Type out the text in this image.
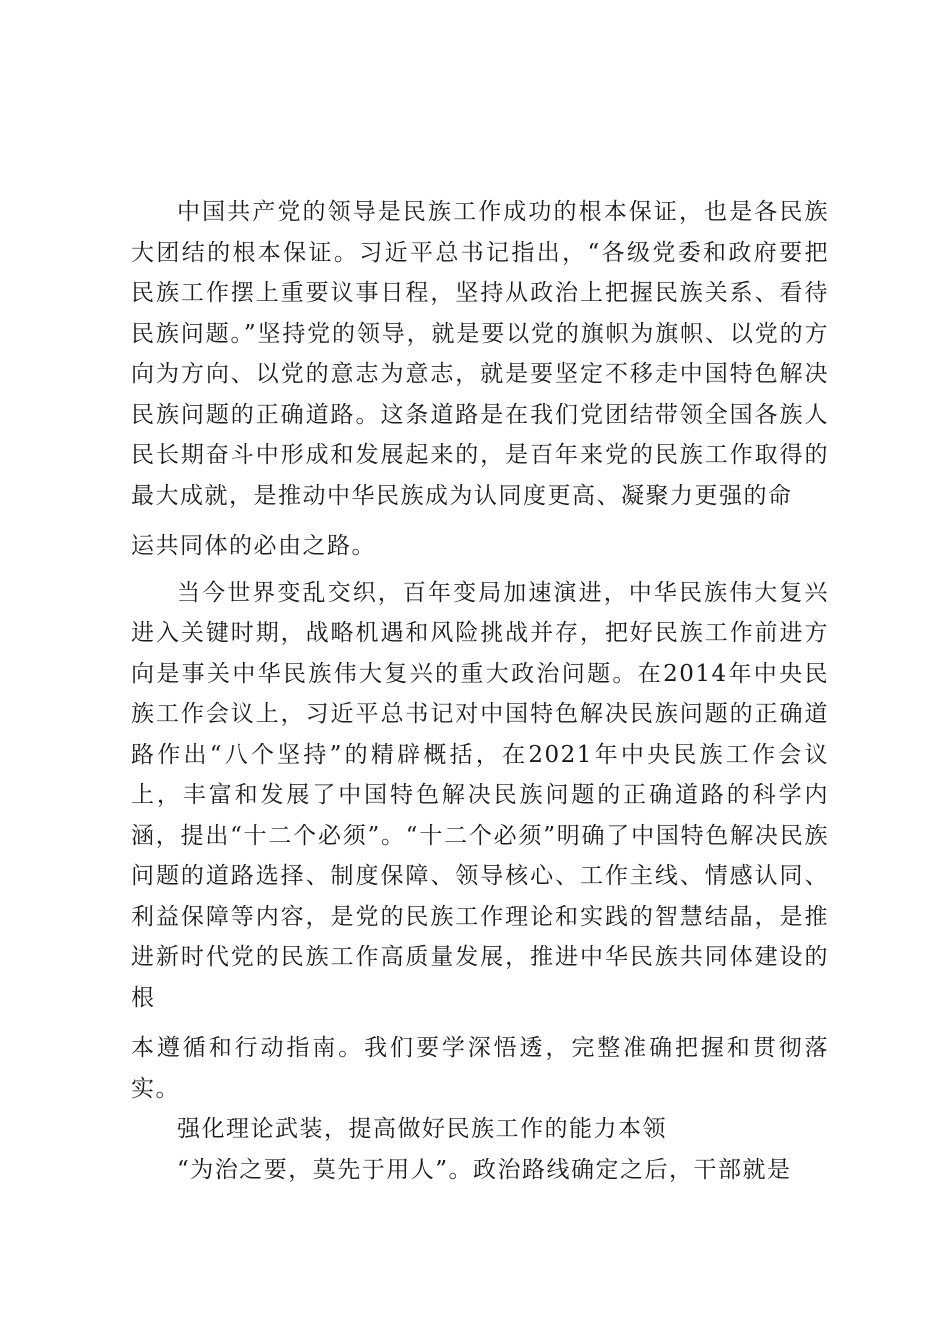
中国共产党的领导是民族工作成功的根本保证，也是各民族大团结的根本保证。习近平总书记指出，“各级党委和政府要把民族工作摆上重要议事日程，坚持从政治上把握民族关系、看待民族问题。”坚持党的领导，就是要以党的旗帜为旗帜、以党的方向为方向、以党的意志为意志，就是要坚定不移走中国特色解决民族问题的正确道路。这条道路是在我们党团结带领全国各族人民长期奋斗中形成和发展起来的，是百年来党的民族工作取得的最大成就，是推动中华民族成为认同度更高、凝聚力更强的命
运共同体的必由之路。

当今世界变乱交织，百年变局加速演进，中华民族伟大复兴进入关键时期，战略机遇和风险挑战并存，把好民族工作前进方向是事关中华民族伟大复兴的重大政治问题。在2014年中央民族工作会议上，习近平总书记对中国特色解决民族问题的正确道路作出“八个坚持”的精辟概括，在2021年中央民族工作会议上，丰富和发展了中国特色解决民族问题的正确道路的科学内涵，提出“十二个必须”。“十二个必须”明确了中国特色解决民族问题的道路选择、制度保障、领导核心、工作主线、情感认同、利益保障等内容，是党的民族工作理论和实践的智慧结晶，是推进新时代党的民族工作高质量发展，推进中华民族共同体建设的根
本遵循和行动指南。我们要学深悟透，完整准确把握和贯彻落实。

强化理论武装，提高做好民族工作的能力本领

“为治之要，莫先于用人”。政治路线确定之后，干部就是
